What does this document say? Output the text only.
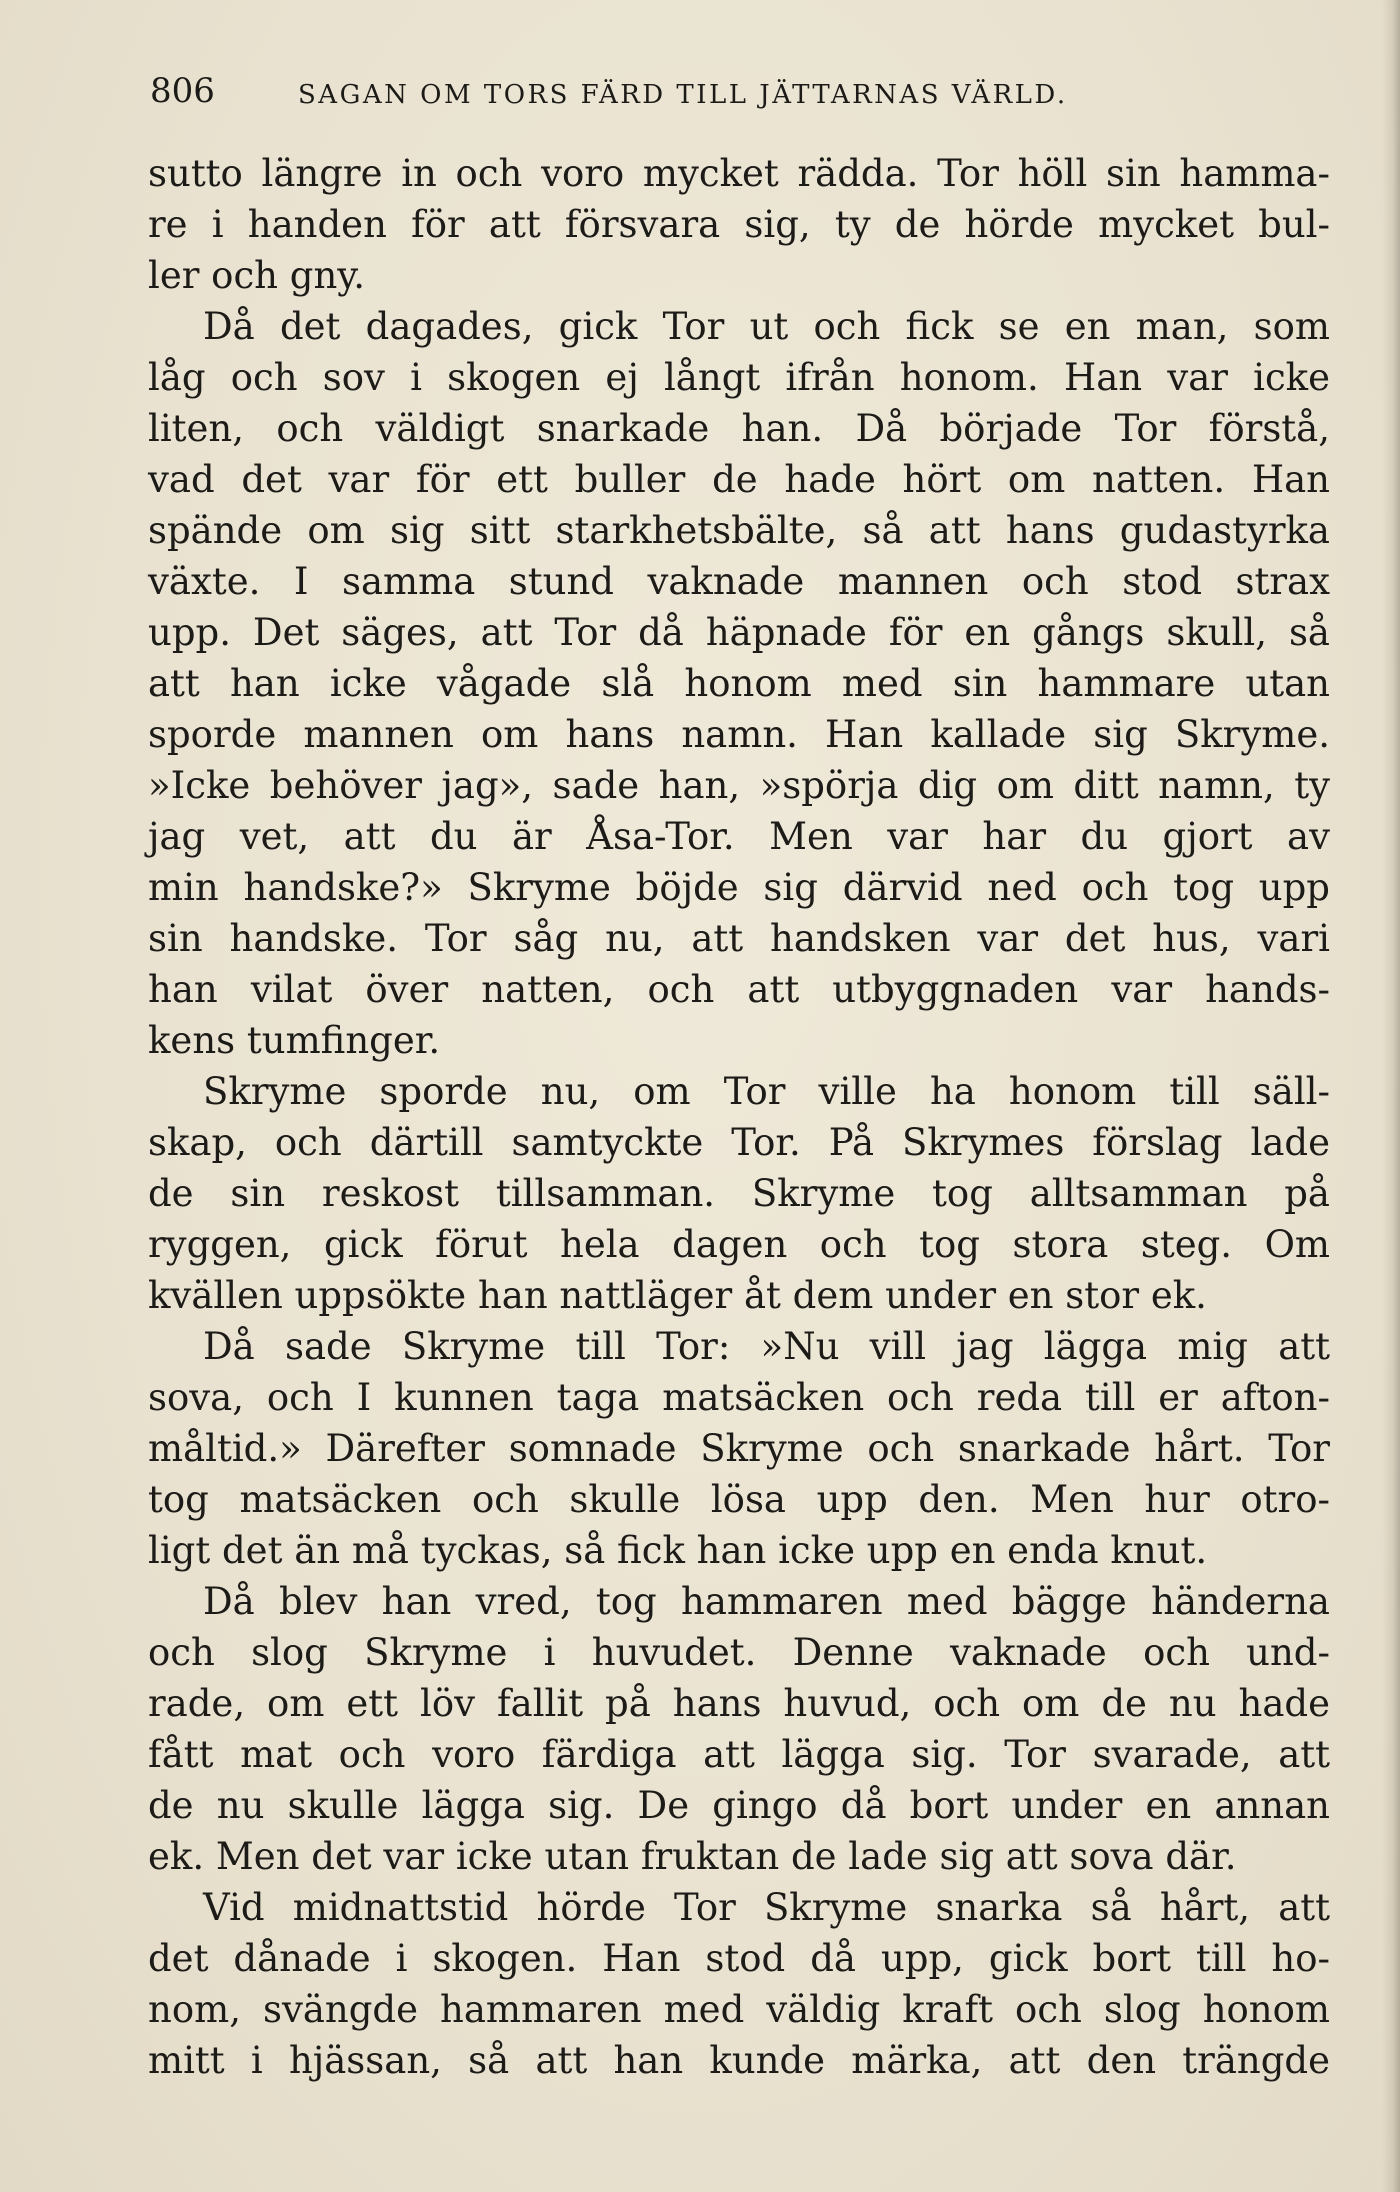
806	SAGAN OM TORS FÄRD TILL JÄTTARNAS VÄRLD.
sutto längre in och voro mycket rädda. Tor höll sin hamma-
re i handen för att försvara sig, ty de hörde mycket bul-
ler och gny.
Då det dagades, gick Tor ut och fick se en man, som
låg och sov i skogen ej långt ifrån honom. Han var icke
liten, och väldigt snarkade han. Då började Tor förstå,
vad det var för ett buller de hade hört om natten. Han
spände om sig sitt starkhetsbälte, så att hans gudastyrka
växte. I samma stund vaknade mannen och stod strax
upp. Det säges, att Tor då häpnade för en gångs skull, så
att han icke vågade slå honom med sin hammare utan
sporde mannen om hans namn. Han kallade sig Skryme.
»Icke behöver jag», sade han, »spörja dig om ditt namn, ty
jag vet, att du är Åsa-Tor. Men var har du gjort av
min handske?» Skryme böjde sig därvid ned och tog upp
sin handske. Tor såg nu, att handsken var det hus, vari
han vilat över natten, och att utbyggnaden var hands-
kens tumfinger.
Skryme sporde nu, om Tor ville ha honom till säll-
skap, och därtill samtyckte Tor. På Skrymes förslag lade
de sin reskost tillsamman. Skryme tog alltsamman på
ryggen, gick förut hela dagen och tog stora steg. Om
kvällen uppsökte han nattläger åt dem under en stor ek.
Då sade Skryme till Tor: »Nu vill jag lägga mig att
sova, och I kunnen taga matsäcken och reda till er afton-
måltid.» Därefter somnade Skryme och snarkade hårt. Tor
tog matsäcken och skulle lösa upp den. Men hur otro-
ligt det än må tyckas, så fick han icke upp en enda knut.
Då blev han vred, tog hammaren med bägge händerna
och slog Skryme i huvudet. Denne vaknade och und-
rade, om ett löv fallit på hans huvud, och om de nu hade
fått mat och voro färdiga att lägga sig. Tor svarade, att
de nu skulle lägga sig. De gingo då bort under en annan
ek. Men det var icke utan fruktan de lade sig att sova där.
Vid midnattstid hörde Tor Skryme snarka så hårt, att
det dånade i skogen. Han stod då upp, gick bort till ho-
nom, svängde hammaren med väldig kraft och slog honom
mitt i hjässan, så att han kunde märka, att den trängde
